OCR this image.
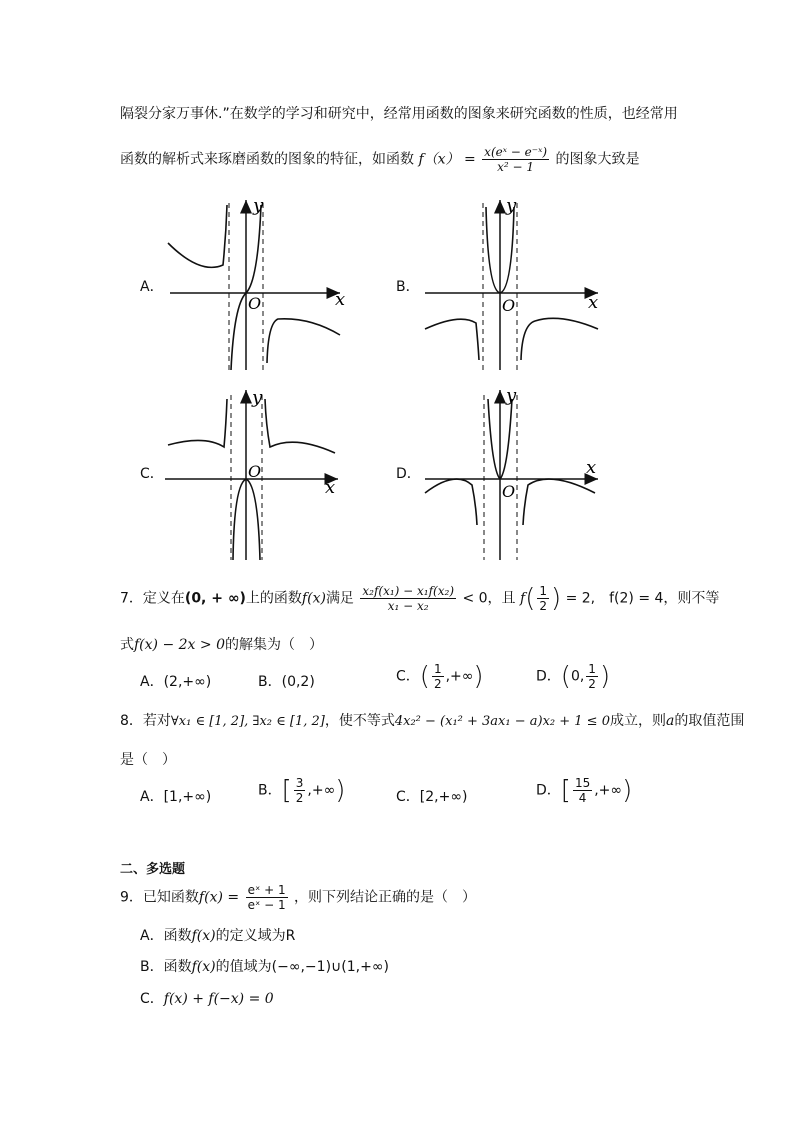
隔裂分家万事休.”在数学的学习和研究中，经常用函数的图象来研究函数的性质，也经常用
函数的解析式来琢磨函数的图象的特征，如函数 $f(x) = \frac{\text{x(eˣ − e⁻ˣ)}}{\text{x² − 1}}$ 的图象大致是
A．
x
y
O
B．
x
y
O
C．
x
y
O	D．	x
y
O
7．定义在(0, + ∞)上的函数f(x)满足 $\frac{\text{x₂f(x₁) − x₁f(x₂)}}{\text{x₁ − x₂}} < 0$，且 $f( \frac{1}{2}$ ) = 2,　f(2) = 4，则不等
式f(x) − 2x > 0的解集为（　）
A．(2,+∞)	B．(0,2)	C．( $\frac{1}{2}$ ,+∞)	D．(0, $\frac{1}{2}$ )
8．若对∀x₁ ∈ [1, 2], ∃x₂ ∈ [1, 2]，使不等式4x₂² − (x₁² + 3ax₁ − a)x₂ + 1 ≤ 0成立，则a的取值范围
是（　）
A．[1,+∞)	B．[ $\frac{3}{2}$ ,+∞)	C．[2,+∞)	D．[ $\frac{15}{4}$ ,+∞)
二、多选题
9．已知函数$f(x) = \frac{\text{eˣ + 1}}{\text{eˣ − 1}}$ ，则下列结论正确的是（　）
A．函数f(x)的定义域为R
B．函数f(x)的值域为(−∞,−1)∪(1,+∞)
C．f(x) + f(−x) = 0
